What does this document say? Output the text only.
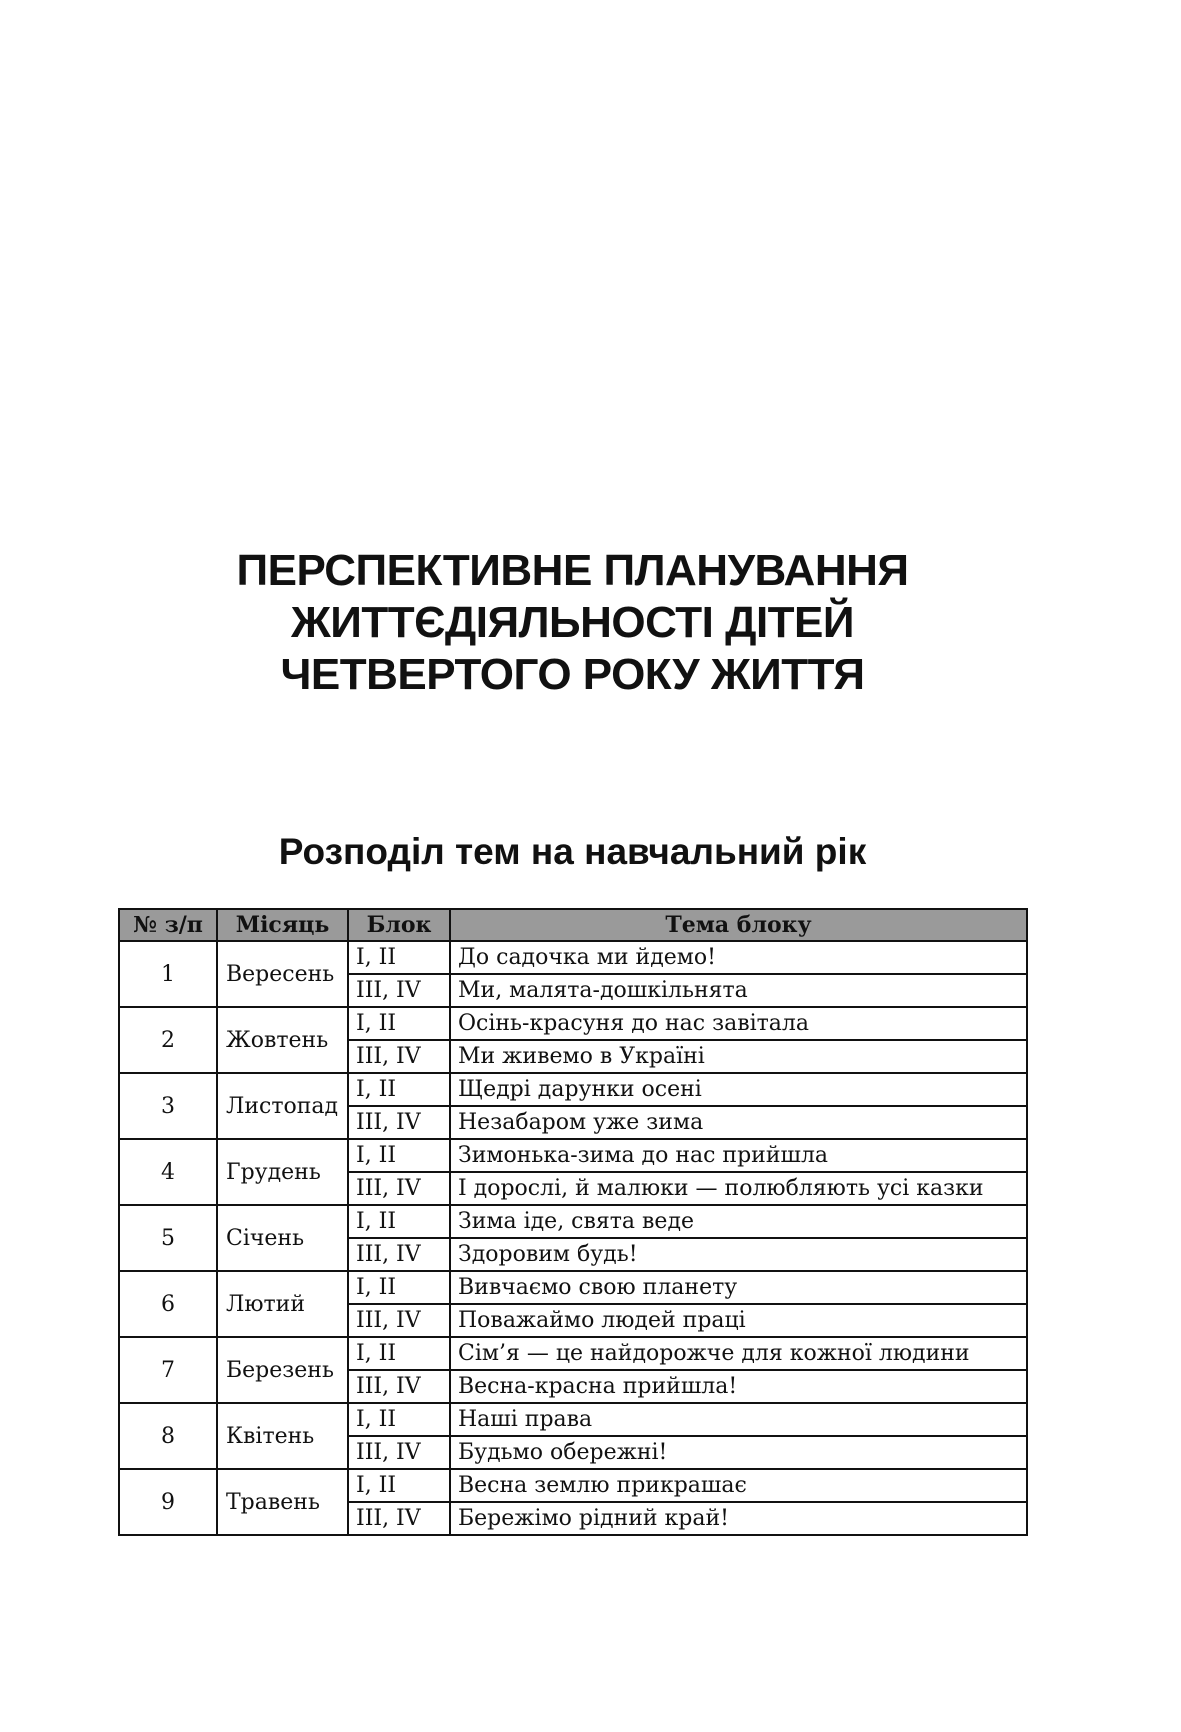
ПЕРСПЕКТИВНЕ ПЛАНУВАННЯ
ЖИТТЄДІЯЛЬНОСТІ ДІТЕЙ
ЧЕТВЕРТОГО РОКУ ЖИТТЯ
Розподіл тем на навчальний рік
№ з/п	Місяць	Блок	Тема блоку
1	Вересень	I, II	До садочка ми йдемо!
		III, IV	Ми, малята-дошкільнята
2	Жовтень	I, II	Осінь-красуня до нас завітала
		III, IV	Ми живемо в Україні
3	Листопад	I, II	Щедрі дарунки осені
		III, IV	Незабаром уже зима
4	Грудень	I, II	Зимонька-зима до нас прийшла
		III, IV	І дорослі, й малюки — полюбляють усі казки
5	Січень	I, II	Зима іде, свята веде
		III, IV	Здоровим будь!
6	Лютий	I, II	Вивчаємо свою планету
		III, IV	Поважаймо людей праці
7	Березень	I, II	Сім’я — це найдорожче для кожної людини
		III, IV	Весна-красна прийшла!
8	Квітень	I, II	Наші права
		III, IV	Будьмо обережні!
9	Травень	I, II	Весна землю прикрашає
		III, IV	Бережімо рідний край!
